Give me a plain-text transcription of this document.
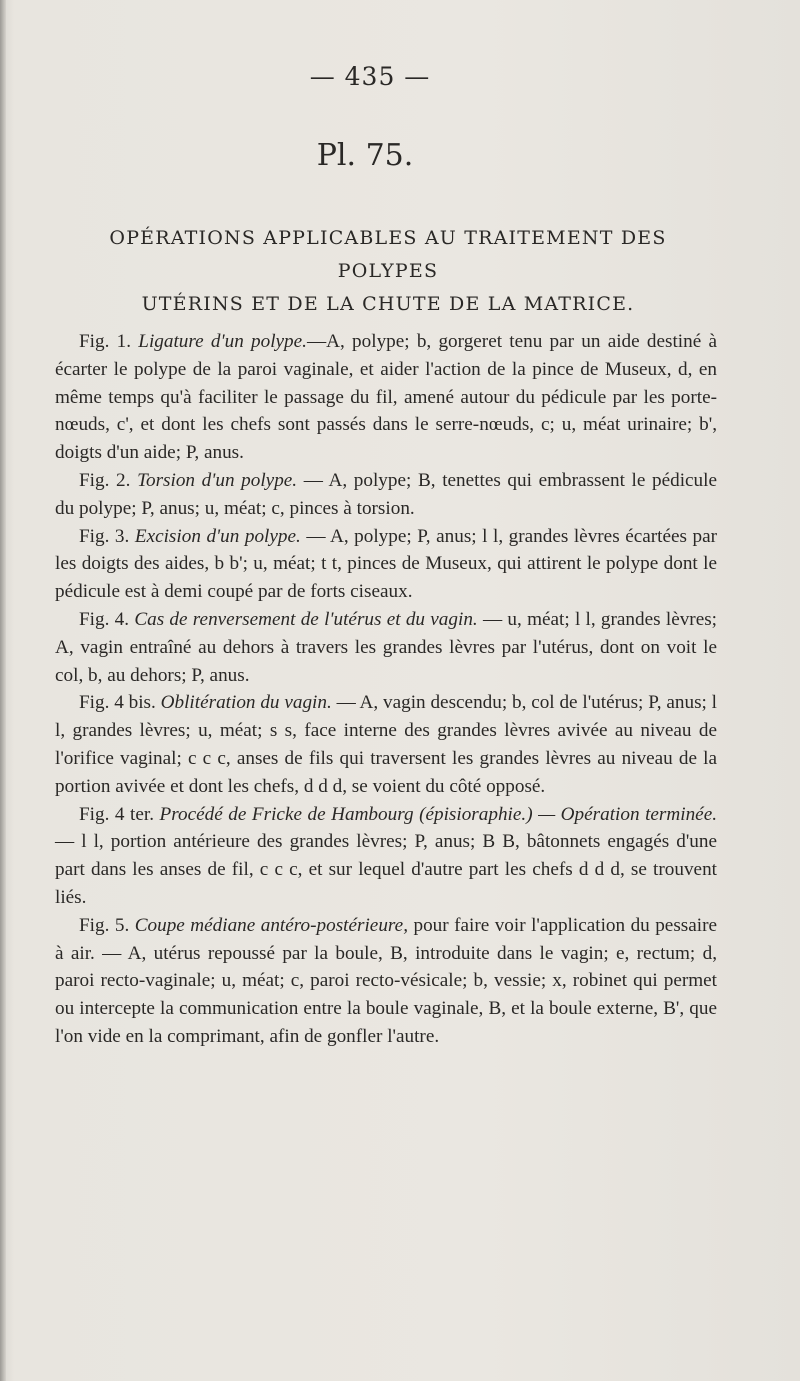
— 435 —
Pl. 75.
OPÉRATIONS APPLICABLES AU TRAITEMENT DES POLYPES
UTÉRINS ET DE LA CHUTE DE LA MATRICE.

Fig. 1. Ligature d'un polype.—A, polype; b, gorgeret tenu par un aide destiné à écarter le polype de la paroi vaginale, et aider l'action de la pince de Museux, d, en même temps qu'à faciliter le passage du fil, amené autour du pédicule par les porte-nœuds, c', et dont les chefs sont passés dans le serre-nœuds, c; u, méat urinaire; b', doigts d'un aide; P, anus.

Fig. 2. Torsion d'un polype. — A, polype; B, tenettes qui embrassent le pédicule du polype; P, anus; u, méat; c, pinces à torsion.

Fig. 3. Excision d'un polype. — A, polype; P, anus; l l, grandes lèvres écartées par les doigts des aides, b b'; u, méat; t t, pinces de Museux, qui attirent le polype dont le pédicule est à demi coupé par de forts ciseaux.

Fig. 4. Cas de renversement de l'utérus et du vagin. — u, méat; l l, grandes lèvres; A, vagin entraîné au dehors à travers les grandes lèvres par l'utérus, dont on voit le col, b, au dehors; P, anus.

Fig. 4 bis. Oblitération du vagin. — A, vagin descendu; b, col de l'utérus; P, anus; l l, grandes lèvres; u, méat; s s, face interne des grandes lèvres avivée au niveau de l'orifice vaginal; c c c, anses de fils qui traversent les grandes lèvres au niveau de la portion avivée et dont les chefs, d d d, se voient du côté opposé.

Fig. 4 ter. Procédé de Fricke de Hambourg (épisioraphie.) — Opération terminée. — l l, portion antérieure des grandes lèvres; P, anus; B B, bâtonnets engagés d'une part dans les anses de fil, c c c, et sur lequel d'autre part les chefs d d d, se trouvent liés.

Fig. 5. Coupe médiane antéro-postérieure, pour faire voir l'application du pessaire à air. — A, utérus repoussé par la boule, B, introduite dans le vagin; e, rectum; d, paroi recto-vaginale; u, méat; c, paroi recto-vésicale; b, vessie; x, robinet qui permet ou intercepte la communication entre la boule vaginale, B, et la boule externe, B', que l'on vide en la comprimant, afin de gonfler l'autre.
